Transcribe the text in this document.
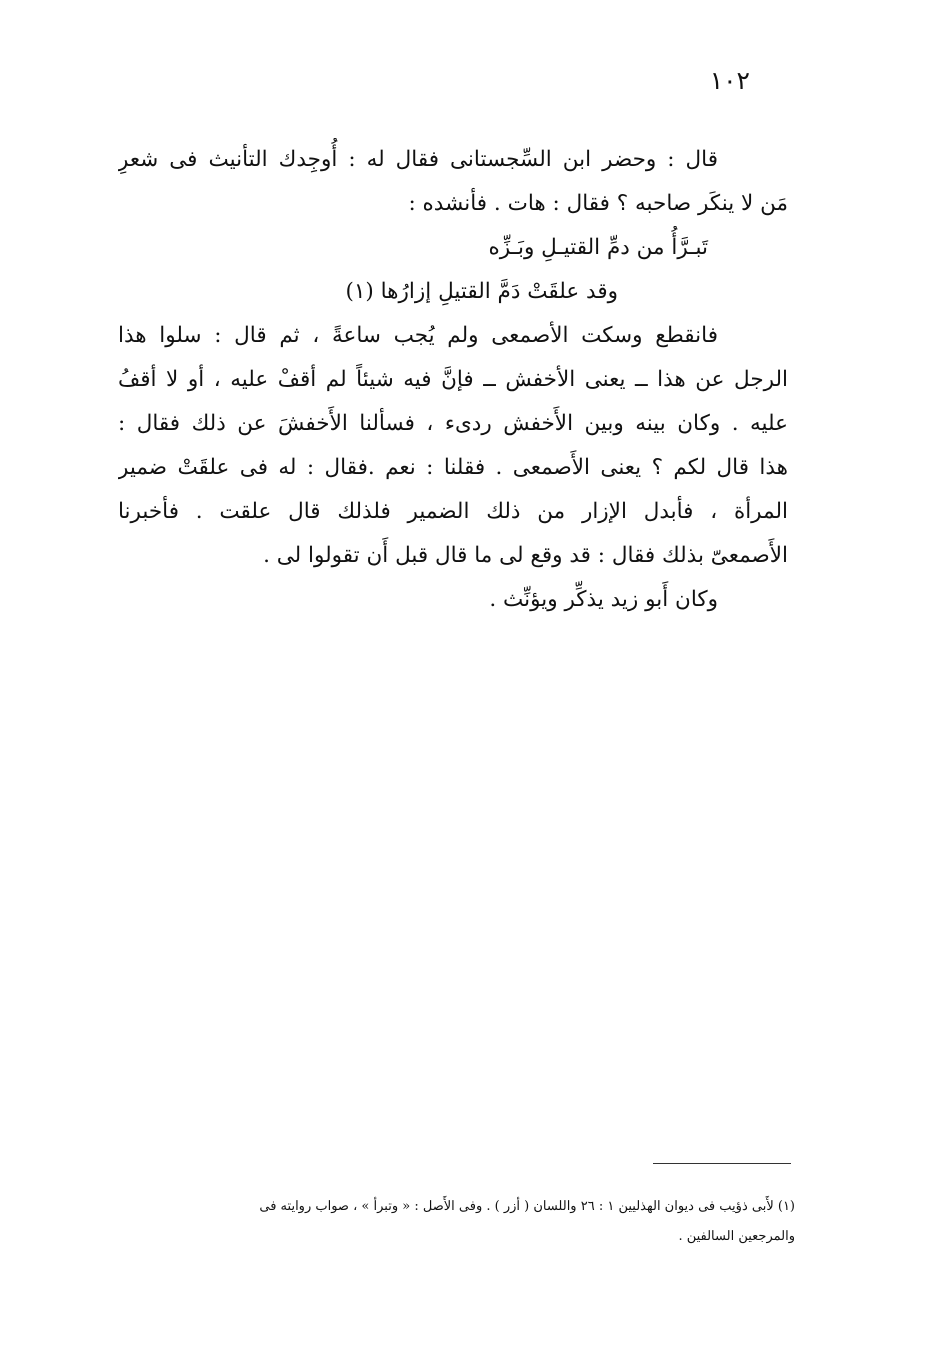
١٠٢
قال : وحضر ابن السِّجستانى فقال له : أُوجِدك التأنيث فى شعرِ
مَن لا ينكَر صاحبه ؟ فقال : هات . فأنشده :
تَبـرَّأُ من دمِّ القتيـلِ وبَـزِّه
وقد علقَتْ دَمَّ القتيلِ إزارُها (١)
فانقطع وسكت الأصمعى ولم يُجب ساعةً ، ثم قال : سلوا هذا
الرجل عن هذا ــ يعنى الأخفش ــ فإنَّ فيه شيئاً لم أقفْ عليه ، أو لا أقفُ
عليه . وكان بينه وبين الأَخفش ردىء ، فسألنا الأَخفشَ عن ذلك فقال :
هذا قال لكم ؟ يعنى الأَصمعى . فقلنا : نعم .فقال : له فى علقَتْ ضمير
المرأة ، فأبدل الإزار من ذلك الضمير فلذلك قال علقت . فأخبرنا
الأَصمعىّ بذلك فقال : قد وقع لى ما قال قبل أَن تقولوا لى .
وكان أَبو زيد يذكِّر ويؤنِّث .
(١) لأَبى ذؤيب فى ديوان الهذليين ١ : ٢٦ واللسان ( أزر ) . وفى الأَصل : « وتبرأ » ، صواب روايته فى
والمرجعين السالفين .
